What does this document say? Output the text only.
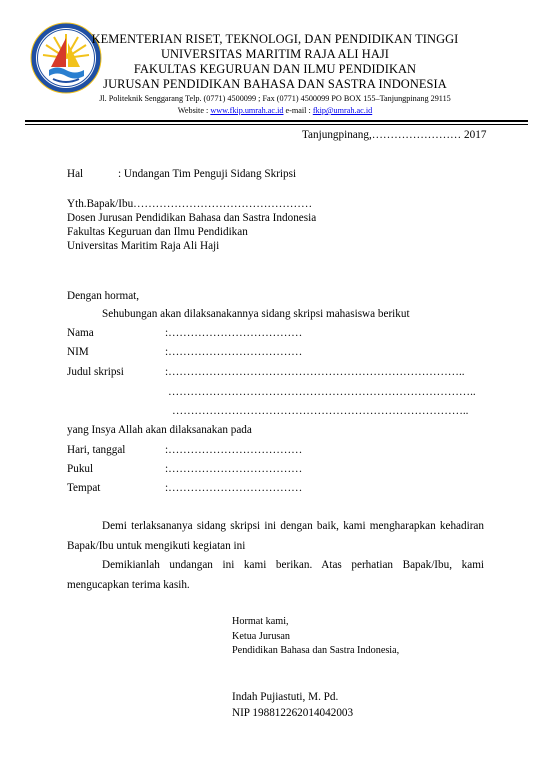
KEMENTERIAN RISET, TEKNOLOGI, DAN PENDIDIKAN TINGGI
UNIVERSITAS MARITIM RAJA ALI HAJI
FAKULTAS KEGURUAN DAN ILMU PENDIDIKAN
JURUSAN PENDIDIKAN BAHASA DAN SASTRA INDONESIA
Jl. Politeknik Senggarang Telp. (0771) 4500099 ; Fax (0771) 4500099 PO BOX 155–Tanjungpinang 29115
Website : www.fkip.umrah.ac.id e-mail : fkip@umrah.ac.id
Tanjungpinang,…………………… 2017
Hal	: Undangan Tim Penguji Sidang Skripsi
Yth.Bapak/Ibu…………………………………………
Dosen Jurusan Pendidikan Bahasa dan Sastra Indonesia
Fakultas Keguruan dan Ilmu Pendidikan
Universitas Maritim Raja Ali Haji
Dengan hormat,
Sehubungan akan dilaksanakannya sidang skripsi mahasiswa berikut
Nama	:………………………………
NIM	:………………………………
Judul skripsi	:……………………………………………………………………..
………………………………………………………………………..
……………………………………………………………………..
yang Insya Allah akan dilaksanakan pada
Hari, tanggal	:………………………………
Pukul	:………………………………
Tempat	:………………………………
Demi terlaksananya sidang skripsi ini dengan baik, kami mengharapkan kehadiran
Bapak/Ibu untuk mengikuti kegiatan ini
Demikianlah undangan ini kami berikan. Atas perhatian Bapak/Ibu, kami
mengucapkan terima kasih.
Hormat kami,
Ketua Jurusan
Pendidikan Bahasa dan Sastra Indonesia,
Indah Pujiastuti, M. Pd.
NIP 198812262014042003
